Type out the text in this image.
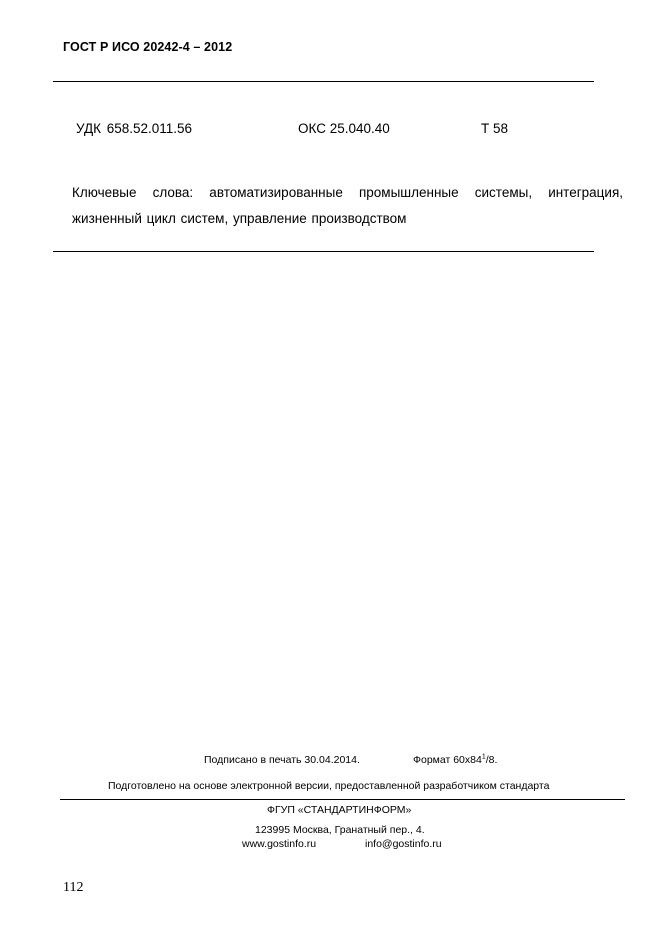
ГОСТ Р ИСО 20242-4 – 2012
УДК 658.52.011.56	ОКС 25.040.40	Т 58
Ключевые слова: автоматизированные промышленные системы, интеграция, жизненный цикл систем, управление производством
Подписано в печать 30.04.2014.	Формат $60x84^1/8$.
Подготовлено на основе электронной версии, предоставленной разработчиком стандарта
ФГУП «СТАНДАРТИНФОРМ»
123995 Москва, Гранатный пер., 4.
www.gostinfo.ru	info@gostinfo.ru
112
